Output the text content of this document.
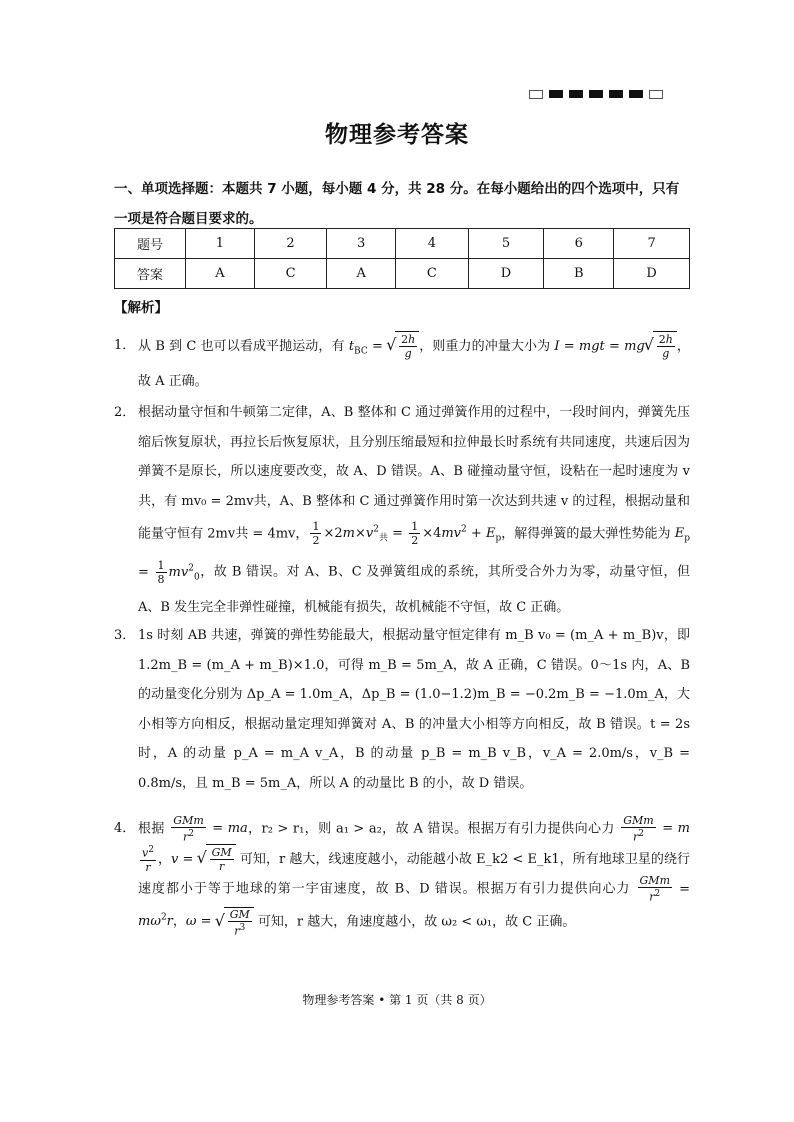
物理参考答案
一、单项选择题：本题共 7 小题，每小题 4 分，共 28 分。在每小题给出的四个选项中，只有一项是符合题目要求的。
题号	1	2	3	4	5	6	7
答案	A	C	A	C	D	B	D
【解析】
1． 从 B 到 C 也可以看成平抛运动，有 $t_{BC}$ = √ $\frac{2h}{g}$ ，则重力的冲量大小为 I = mgt = mg √ $\frac{2h}{g}$ ，故 A 正确。
2． 根据动量守恒和牛顿第二定律，A、B 整体和 C 通过弹簧作用的过程中，一段时间内，弹簧先压缩后恢复原状，再拉长后恢复原状，且分别压缩最短和拉伸最长时系统有共同速度，共速后因为弹簧不是原长，所以速度要改变，故 A、D 错误。A、B 碰撞动量守恒，设粘在一起时速度为 v共，有 mv₀ = 2mv共，A、B 整体和 C 通过弹簧作用时第一次达到共速 v 的过程，根据动量和能量守恒有 2mv共 = 4mv， $\frac{1}{2} \times 2m\times v^2_共 = \frac{1}{2} \times 4mv^2 + E_p$，解得弹簧的最大弹性势能为 $E_p = \frac{1}{8} mv^2_0$，故 B 错误。对 A、B、C 及弹簧组成的系统，其所受合外力为零，动量守恒，但 A、B 发生完全非弹性碰撞，机械能有损失，故机械能不守恒，故 C 正确。
3． 1s 时刻 AB 共速，弹簧的弹性势能最大，根据动量守恒定律有 m_B v₀ = (m_A + m_B)v，即 1.2m_B = (m_A + m_B)×1.0，可得 m_B = 5m_A，故 A 正确，C 错误。0～1s 内，A、B 的动量变化分别为 Δp_A = 1.0m_A，Δp_B = (1.0−1.2)m_B = −0.2m_B = −1.0m_A，大小相等方向相反，根据动量定理知弹簧对 A、B 的冲量大小相等方向相反，故 B 错误。t = 2s 时，A 的动量 p_A = m_A v_A，B 的动量 p_B = m_B v_B，v_A = 2.0m/s，v_B = 0.8m/s，且 m_B = 5m_A，所以 A 的动量比 B 的小，故 D 错误。
4． 根据 $\frac{\text{GMm}}{r^2}$ = ma，r₂ > r₁，则 a₁ > a₂，故 A 错误。根据万有引力提供向心力 $\frac{\text{GMm}}{r^2} = m$
$\frac{v^2}{r}$ ，v = √ $\frac{GM}{r}$ 可知，r 越大，线速度越小，动能越小故 E_k2 < E_k1，所有地球卫星的绕行速度都小于等于地球的第一宇宙速度，故 B、D 错误。根据万有引力提供向心力 $\frac{\text{GMm}}{r^2} = m\omega^2r$，ω = √ $\frac{GM}{r^3}$ 可知，r 越大，角速度越小，故 ω₂ < ω₁，故 C 正确。
物理参考答案 • 第 1 页（共 8 页）
